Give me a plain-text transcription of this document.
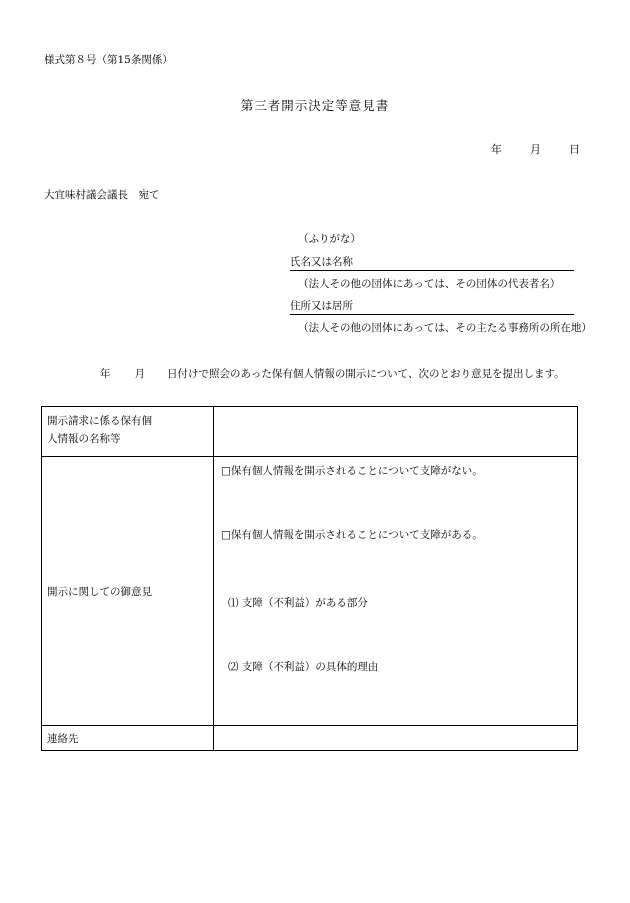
様式第８号（第15条関係）
第三者開示決定等意見書
年	月	日
大宜味村議会議長　宛て
（ふりがな）
氏名又は名称
（法人その他の団体にあっては、その団体の代表者名）
住所又は居所
（法人その他の団体にあっては、その主たる事務所の所在地）
年 月 日付けで照会のあった保有個人情報の開示について、次のとおり意見を提出します。
開示請求に係る保有個
人情報の名称等	

開示に関しての御意見	□保有個人情報を開示されることについて支障がない。
□保有個人情報を開示されることについて支障がある。
⑴ 支障（不利益）がある部分
⑵ 支障（不利益）の具体的理由

連絡先	
